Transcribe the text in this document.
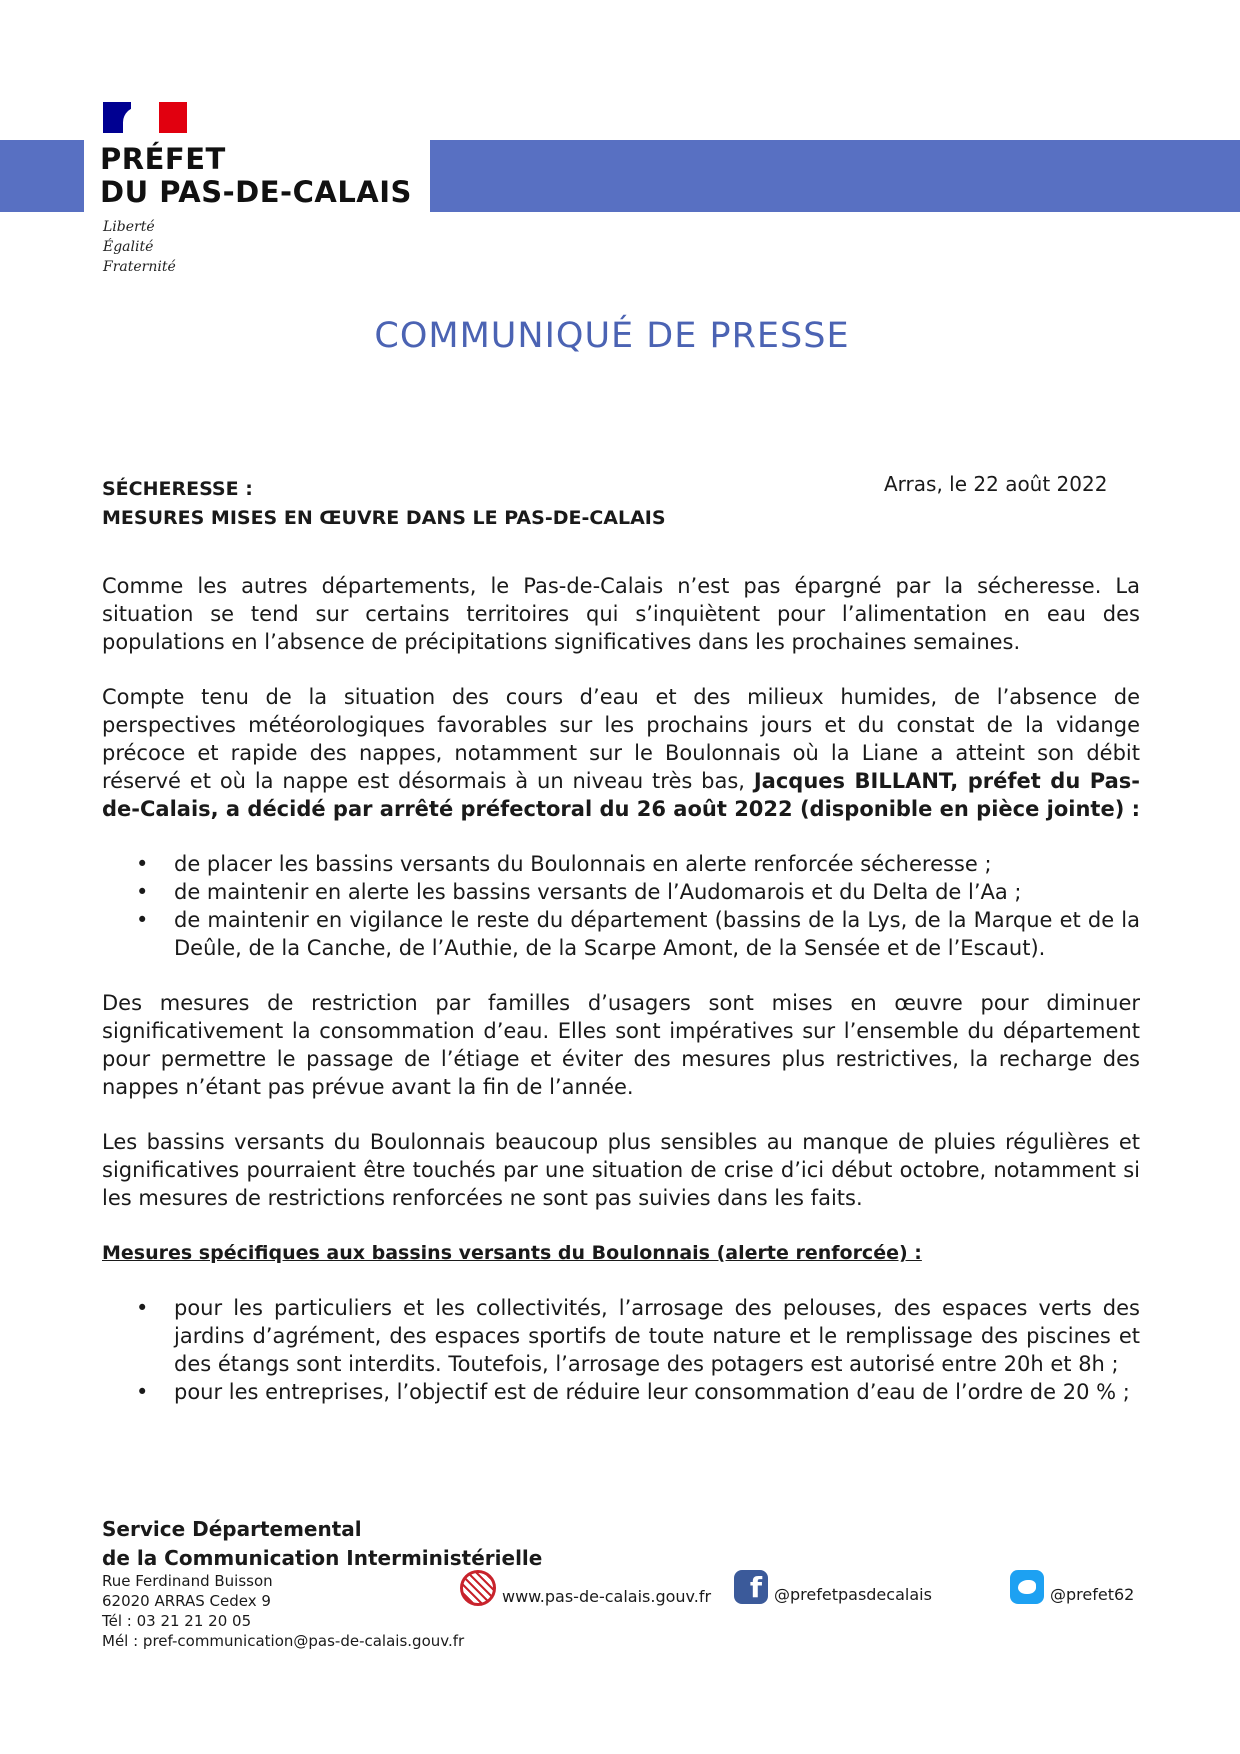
PRÉFET
DU PAS-DE-CALAIS
Liberté
Égalité
Fraternité
COMMUNIQUÉ DE PRESSE
SÉCHERESSE :
MESURES MISES EN ŒUVRE DANS LE PAS-DE-CALAIS
Arras, le 22 août 2022

Comme les autres départements, le Pas-de-Calais n’est pas épargné par la sécheresse. La situation se tend sur certains territoires qui s’inquiètent pour l’alimentation en eau des populations en l’absence de précipitations significatives dans les prochaines semaines.

Compte tenu de la situation des cours d’eau et des milieux humides, de l’absence de perspectives météorologiques favorables sur les prochains jours et du constat de la vidange précoce et rapide des nappes, notamment sur le Boulonnais où la Liane a atteint son débit réservé et où la nappe est désormais à un niveau très bas, Jacques BILLANT, préfet du Pas-de-Calais, a décidé par arrêté préfectoral du 26 août 2022 (disponible en pièce jointe) :

• de placer les bassins versants du Boulonnais en alerte renforcée sécheresse ;
• de maintenir en alerte les bassins versants de l’Audomarois et du Delta de l’Aa ;
• de maintenir en vigilance le reste du département (bassins de la Lys, de la Marque et de la Deûle, de la Canche, de l’Authie, de la Scarpe Amont, de la Sensée et de l’Escaut).

Des mesures de restriction par familles d’usagers sont mises en œuvre pour diminuer significativement la consommation d’eau. Elles sont impératives sur l’ensemble du département pour permettre le passage de l’étiage et éviter des mesures plus restrictives, la recharge des nappes n’étant pas prévue avant la fin de l’année.

Les bassins versants du Boulonnais beaucoup plus sensibles au manque de pluies régulières et significatives pourraient être touchés par une situation de crise d’ici début octobre, notamment si les mesures de restrictions renforcées ne sont pas suivies dans les faits.

Mesures spécifiques aux bassins versants du Boulonnais (alerte renforcée) :
• pour les particuliers et les collectivités, l’arrosage des pelouses, des espaces verts des jardins d’agrément, des espaces sportifs de toute nature et le remplissage des piscines et des étangs sont interdits. Toutefois, l’arrosage des potagers est autorisé entre 20h et 8h ;
• pour les entreprises, l’objectif est de réduire leur consommation d’eau de l’ordre de 20 % ;
Service Départemental
de la Communication Interministérielle
Rue Ferdinand Buisson
62020 ARRAS Cedex 9
Tél : 03 21 21 20 05
Mél : pref-communication@pas-de-calais.gouv.fr
www.pas-de-calais.gouv.fr	f @prefetpasdecalais	@prefet62
